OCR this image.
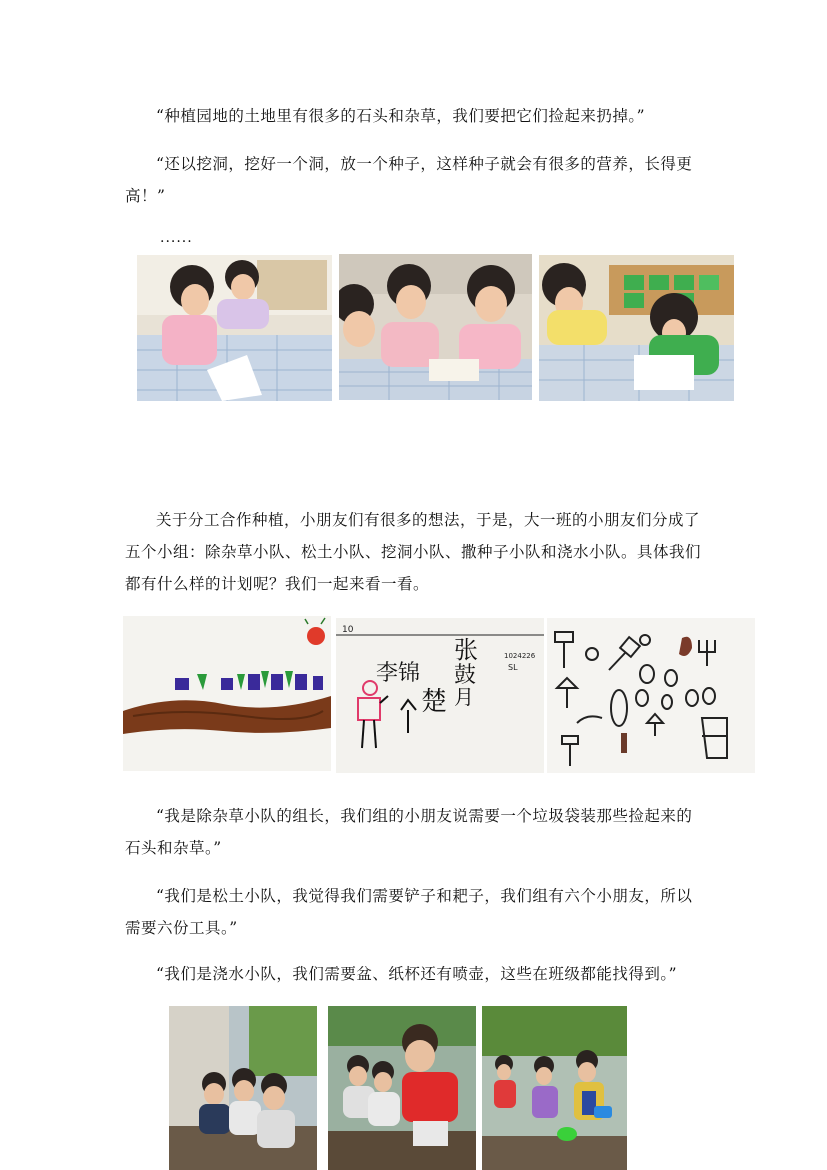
“种植园地的土地里有很多的石头和杂草，我们要把它们捡起来扔掉。”

“还以挖洞，挖好一个洞，放一个种子，这样种子就会有很多的营养，长得更高！”

......

关于分工合作种植，小朋友们有很多的想法，于是，大一班的小朋友们分成了五个小组：除杂草小队、松土小队、挖洞小队、撒种子小队和浇水小队。具体我们都有什么样的计划呢？我们一起来看一看。

10
李锦
张
鼓
月
楚
1024226
SL

“我是除杂草小队的组长，我们组的小朋友说需要一个垃圾袋装那些捡起来的石头和杂草。”

“我们是松土小队，我觉得我们需要铲子和耙子，我们组有六个小朋友，所以需要六份工具。”

“我们是浇水小队，我们需要盆、纸杯还有喷壶，这些在班级都能找得到。”
